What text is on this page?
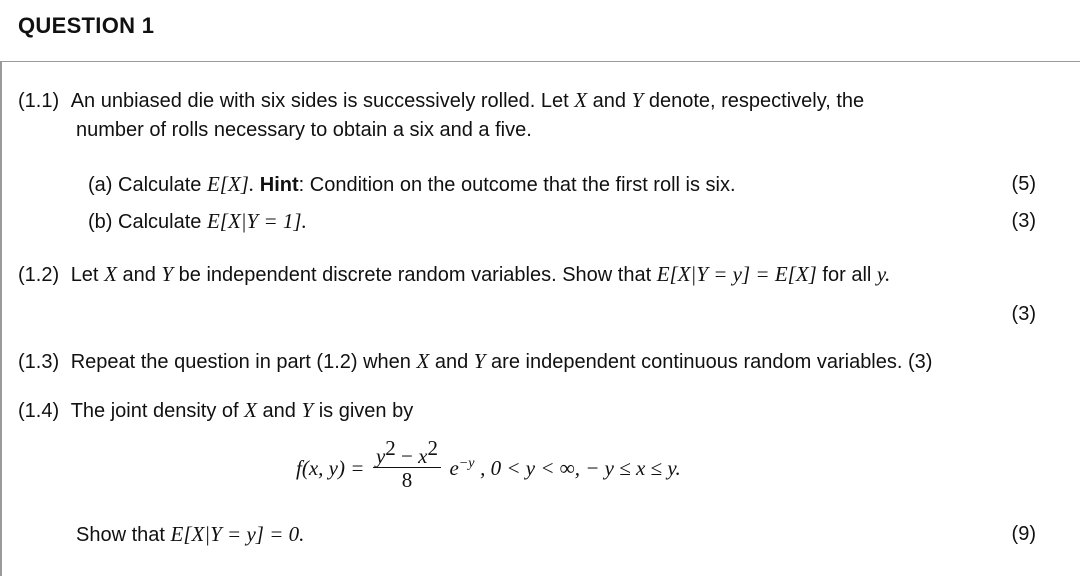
QUESTION 1
(1.1) An unbiased die with six sides is successively rolled. Let X and Y denote, respectively, the
number of rolls necessary to obtain a six and a five.
(a) Calculate E[X]. Hint: Condition on the outcome that the first roll is six.	(5)
(b) Calculate E[X|Y = 1].	(3)
(1.2) Let X and Y be independent discrete random variables. Show that E[X|Y = y] = E[X] for all y.
(3)
(1.3) Repeat the question in part (1.2) when X and Y are independent continuous random variables. (3)
(1.4) The joint density of X and Y is given by
f(x, $y) = \frac{y^2 - x^2}{8} e^{-y}$ , 0 < y < ∞, − y ≤ x ≤ y.
Show that E[X|Y = y] = 0.	(9)
